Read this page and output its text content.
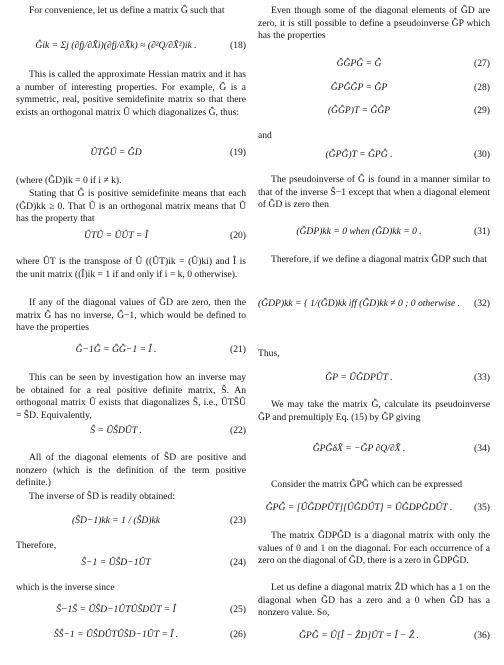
For convenience, let us define a matrix Ĝ such that
Ĝik = Σj (∂fj/∂X̂i)(∂fj/∂X̂k) ≈ (∂²Q/∂X̂²)ik .	(18)
This is called the approximate Hessian matrix and it has a number of interesting properties. For example, Ĝ is a symmetric, real, positive semidefinite matrix so that there exists an orthogonal matrix Û which diagonalizes Ĝ, thus:
ÛTĜÛ = ĜD	(19)
(where (ĜD)ik = 0 if i ≠ k).
Stating that Ĝ is positive semidefinite means that each (ĜD)kk ≥ 0. That Û is an orthogonal matrix means that Û has the property that
ÛTÛ = ÛÛT = Î	(20)
where ÛT is the transpose of Û ((ÛT)ik = (Û)ki) and Î is the unit matrix ((Î)ik = 1 if and only if i = k, 0 otherwise).
If any of the diagonal values of ĜD are zero, then the matrix Ĝ has no inverse, Ĝ−1, which would be defined to have the properties
Ĝ−1Ĝ = ĜĜ−1 = Î .	(21)
This can be seen by investigation how an inverse may be obtained for a real positive definite matrix, Ŝ. An orthogonal matrix Û exists that diagonalizes Ŝ, i.e., ÛTŜÛ = ŜD. Equivalently,
Ŝ = ÛŜDÛT .	(22)
All of the diagonal elements of ŜD are positive and nonzero (which is the definition of the term positive definite.)
The inverse of ŜD is readily obtained:
(ŜD−1)kk = 1 / (ŜD)kk	(23)
Therefore,
Ŝ−1 = ÛŜD−1ÛT	(24)
which is the inverse since
Ŝ−1Ŝ = ÛŜD−1ÛTÛŜDÛT = Î	(25)
ŜŜ−1 = ÛŜDÛTÛŜD−1ÛT = Î .	(26)
Even though some of the diagonal elements of ĜD are zero, it is still possible to define a pseudoinverse ĜP which has the properties
ĜĜPĜ = Ĝ	(27)
ĜPĜĜP = ĜP	(28)
(ĜĜP)T = ĜĜP	(29)
and
(ĜPĜ)T = ĜPĜ .	(30)
The pseudoinverse of Ĝ is found in a manner similar to that of the inverse Ŝ−1 except that when a diagonal element of ĜD is zero then
(ĜDP)kk = 0 when (ĜD)kk = 0 .	(31)
Therefore, if we define a diagonal matrix ĜDP such that
(ĜDP)kk = { 1/(ĜD)kk iff (ĜD)kk ≠ 0 ; 0 otherwise . (32)
Thus,
ĜP = ÛĜDPÛT .	(33)
We may take the matrix Ĝ, calculate its pseudoinverse ĜP and premultiply Eq. (15) by ĜP giving
ĜPĜδX̂ = −ĜP ∂Q/∂X̂ .	(34)
Consider the matrix ĜPĜ which can be expressed
ĜPĜ = [ÛĜDPÛT][ÛĜDÛT] = ÛĜDPĜDÛT .	(35)
The matrix ĜDPĜD is a diagonal matrix with only the values of 0 and 1 on the diagonal. For each occurrence of a zero on the diagonal of ĜD, there is a zero in ĜDPĜD.
Let us define a diagonal matrix ẐD which has a 1 on the diagonal when ĜD has a zero and a 0 when ĜD has a nonzero value. So,
ĜPĜ = Û[Î − ẐD]ÛT = Î − Ẑ .	(36)
